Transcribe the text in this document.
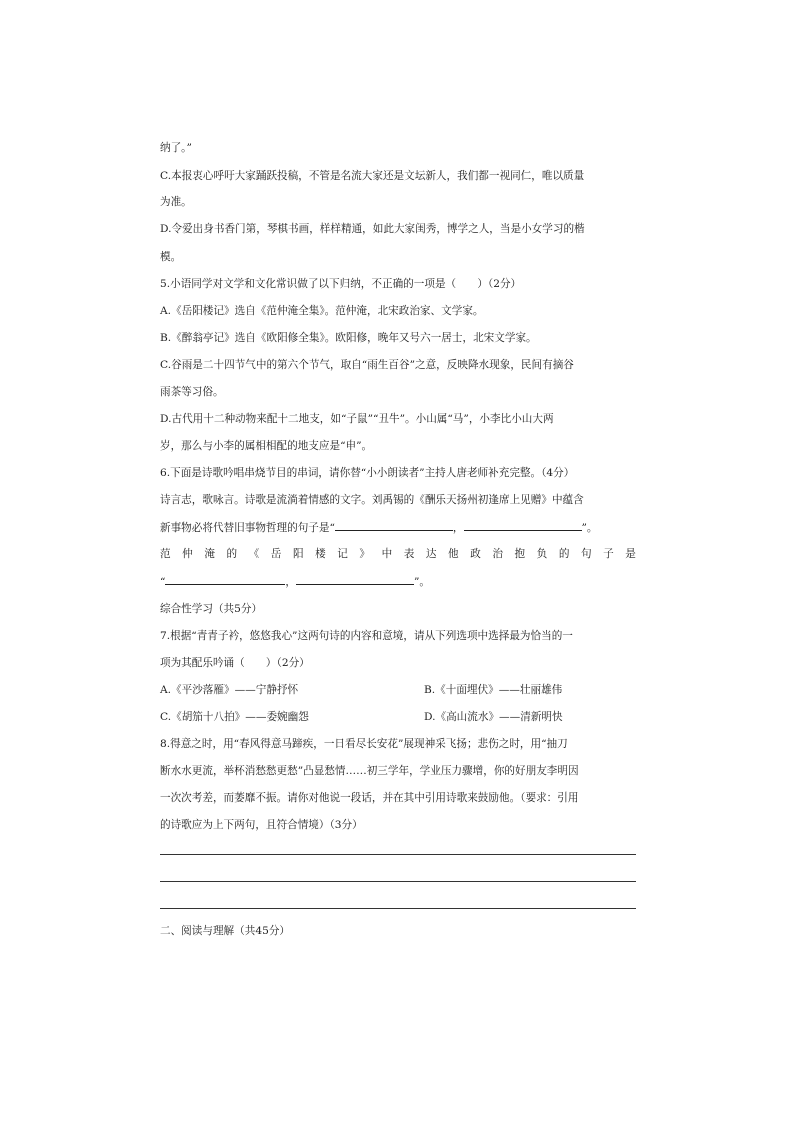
纳了。”
C.本报衷心呼吁大家踊跃投稿，不管是名流大家还是文坛新人，我们都一视同仁，唯以质量
为准。
D.令爱出身书香门第，琴棋书画，样样精通，如此大家闺秀，博学之人，当是小女学习的楷
模。
5.小语同学对文学和文化常识做了以下归纳，不正确的一项是（　　）（2分）
A.《岳阳楼记》选自《范仲淹全集》。范仲淹，北宋政治家、文学家。
B.《醉翁亭记》选自《欧阳修全集》。欧阳修，晚年又号六一居士，北宋文学家。
C.谷雨是二十四节气中的第六个节气，取自“雨生百谷”之意，反映降水现象，民间有摘谷
雨茶等习俗。
D.古代用十二种动物来配十二地支，如“子鼠”“丑牛”。小山属“马”，小李比小山大两
岁，那么与小李的属相相配的地支应是“申”。
6.下面是诗歌吟唱串烧节目的串词，请你替“小小朗读者”主持人唐老师补充完整。（4分）
诗言志，歌咏言。诗歌是流淌着情感的文字。刘禹锡的《酬乐天扬州初逢席上见赠》中蕴含
新事物必将代替旧事物哲理的句子是“	，	”。
范 仲 淹 的 《 岳 阳 楼 记 》 中 表 达 他 政 治 抱 负 的 句 子 是
“	，	”。
综合性学习（共5分）
7.根据“青青子衿，悠悠我心”这两句诗的内容和意境，请从下列选项中选择最为恰当的一
项为其配乐吟诵（　　）（2分）
A.《平沙落雁》——宁静抒怀	B.《十面埋伏》——壮丽雄伟
C.《胡笳十八拍》——委婉幽怨	D.《高山流水》——清新明快
8.得意之时，用“春风得意马蹄疾，一日看尽长安花”展现神采飞扬；悲伤之时，用“抽刀
断水水更流，举杯消愁愁更愁”凸显愁情……初三学年，学业压力骤增，你的好朋友李明因
一次次考差，而萎靡不振。请你对他说一段话，并在其中引用诗歌来鼓励他。（要求：引用
的诗歌应为上下两句，且符合情境）（3分）
二、阅读与理解（共45分）
